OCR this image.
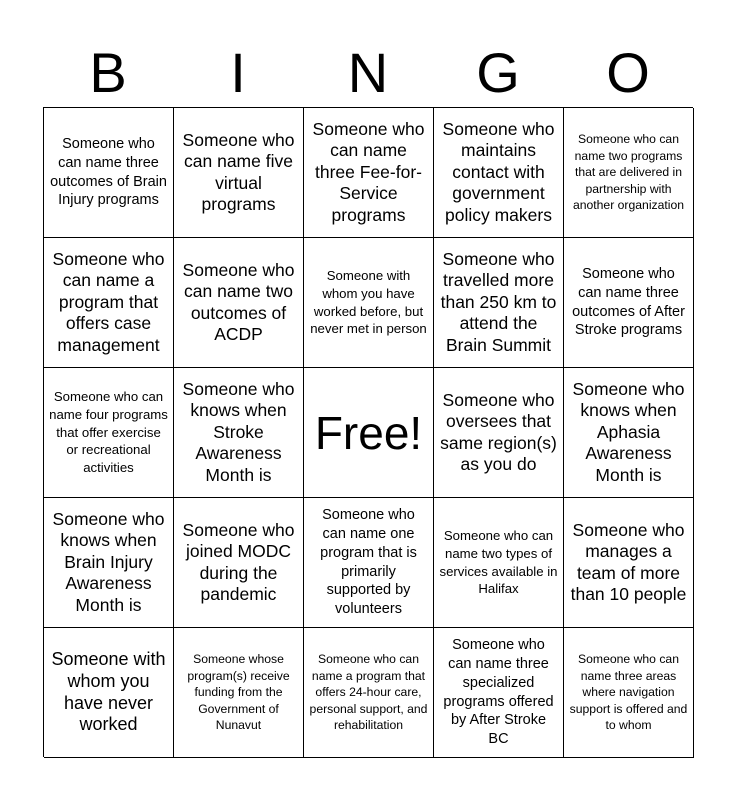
B	I	N	G	O
Someone who can name three outcomes of Brain Injury programs
Someone who can name five virtual programs
Someone who can name three Fee-for-Service programs
Someone who maintains contact with government policy makers
Someone who can name two programs that are delivered in partnership with another organization
Someone who can name a program that offers case management
Someone who can name two outcomes of ACDP
Someone with whom you have worked before, but never met in person
Someone who travelled more than 250 km to attend the Brain Summit
Someone who can name three outcomes of After Stroke programs
Someone who can name four programs that offer exercise or recreational activities
Someone who knows when Stroke Awareness Month is
Free!
Someone who oversees that same region(s) as you do
Someone who knows when Aphasia Awareness Month is
Someone who knows when Brain Injury Awareness Month is
Someone who joined MODC during the pandemic
Someone who can name one program that is primarily supported by volunteers
Someone who can name two types of services available in Halifax
Someone who manages a team of more than 10 people
Someone with whom you have never worked
Someone whose program(s) receive funding from the Government of Nunavut
Someone who can name a program that offers 24-hour care, personal support, and rehabilitation
Someone who can name three specialized programs offered by After Stroke BC
Someone who can name three areas where navigation support is offered and to whom
